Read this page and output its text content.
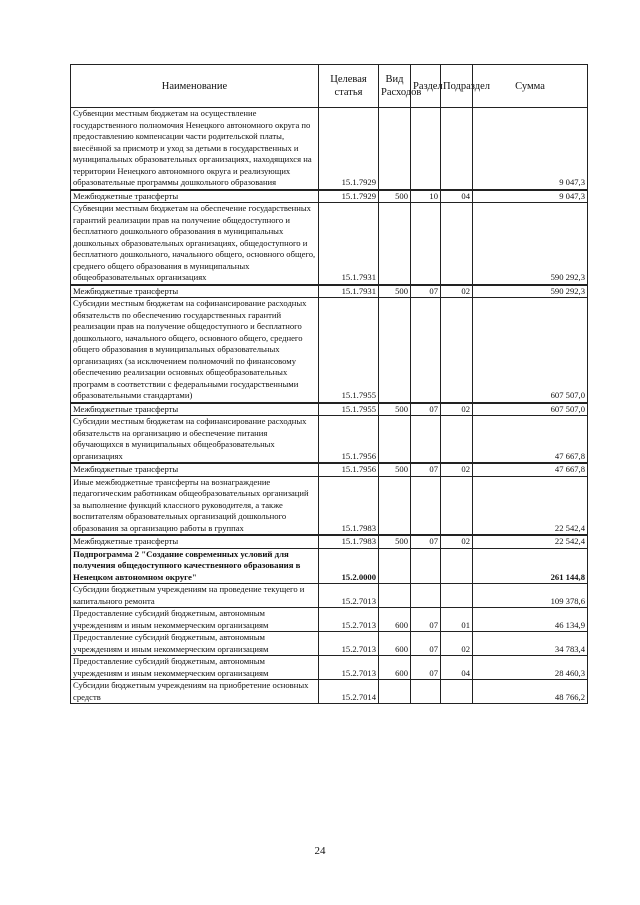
Наименование	Целевая статья	Вид Расходов	Раздел	Подраздел	Сумма
Субвенции местным бюджетам на осуществление государственного полномочия Ненецкого автономного округа по предоставлению компенсации части родительской платы, внесённой за присмотр и уход за детьми в государственных и муниципальных образовательных организациях, находящихся на территории Ненецкого автономного округа и реализующих образовательные программы дошкольного образования	15.1.7929				9 047,3
Межбюджетные трансферты	15.1.7929	500	10	04	9 047,3
Субвенции местным бюджетам на обеспечение государственных гарантий реализации прав на получение общедоступного и бесплатного дошкольного образования в муниципальных дошкольных образовательных организациях, общедоступного и бесплатного дошкольного, начального общего, основного общего, среднего общего образования в муниципальных общеобразовательных организациях	15.1.7931				590 292,3
Межбюджетные трансферты	15.1.7931	500	07	02	590 292,3
Субсидии местным бюджетам на софинансирование расходных обязательств по обеспечению государственных гарантий реализации прав на получение общедоступного и бесплатного дошкольного, начального общего, основного общего, среднего общего образования в муниципальных образовательных организациях (за исключением полномочий по финансовому обеспечению реализации основных общеобразовательных программ в соответствии с федеральными государственными образовательными стандартами)	15.1.7955				607 507,0
Межбюджетные трансферты	15.1.7955	500	07	02	607 507,0
Субсидии местным бюджетам на софинансирование расходных обязательств на организацию и обеспечение питания обучающихся в муниципальных общеобразовательных организациях	15.1.7956				47 667,8
Межбюджетные трансферты	15.1.7956	500	07	02	47 667,8
Иные межбюджетные трансферты на вознаграждение педагогическим работникам общеобразовательных организаций за выполнение функций классного руководителя, а также воспитателям образовательных организаций дошкольного образования за организацию работы в группах	15.1.7983				22 542,4
Межбюджетные трансферты	15.1.7983	500	07	02	22 542,4
Подпрограмма 2 "Создание современных условий для получения общедоступного качественного образования в Ненецком автономном округе"	15.2.0000				261 144,8
Субсидии бюджетным учреждениям на проведение текущего и капитального ремонта	15.2.7013				109 378,6
Предоставление субсидий бюджетным, автономным учреждениям и иным некоммерческим организациям	15.2.7013	600	07	01	46 134,9
Предоставление субсидий бюджетным, автономным учреждениям и иным некоммерческим организациям	15.2.7013	600	07	02	34 783,4
Предоставление субсидий бюджетным, автономным учреждениям и иным некоммерческим организациям	15.2.7013	600	07	04	28 460,3
Субсидии бюджетным учреждениям на приобретение основных средств	15.2.7014				48 766,2
24
